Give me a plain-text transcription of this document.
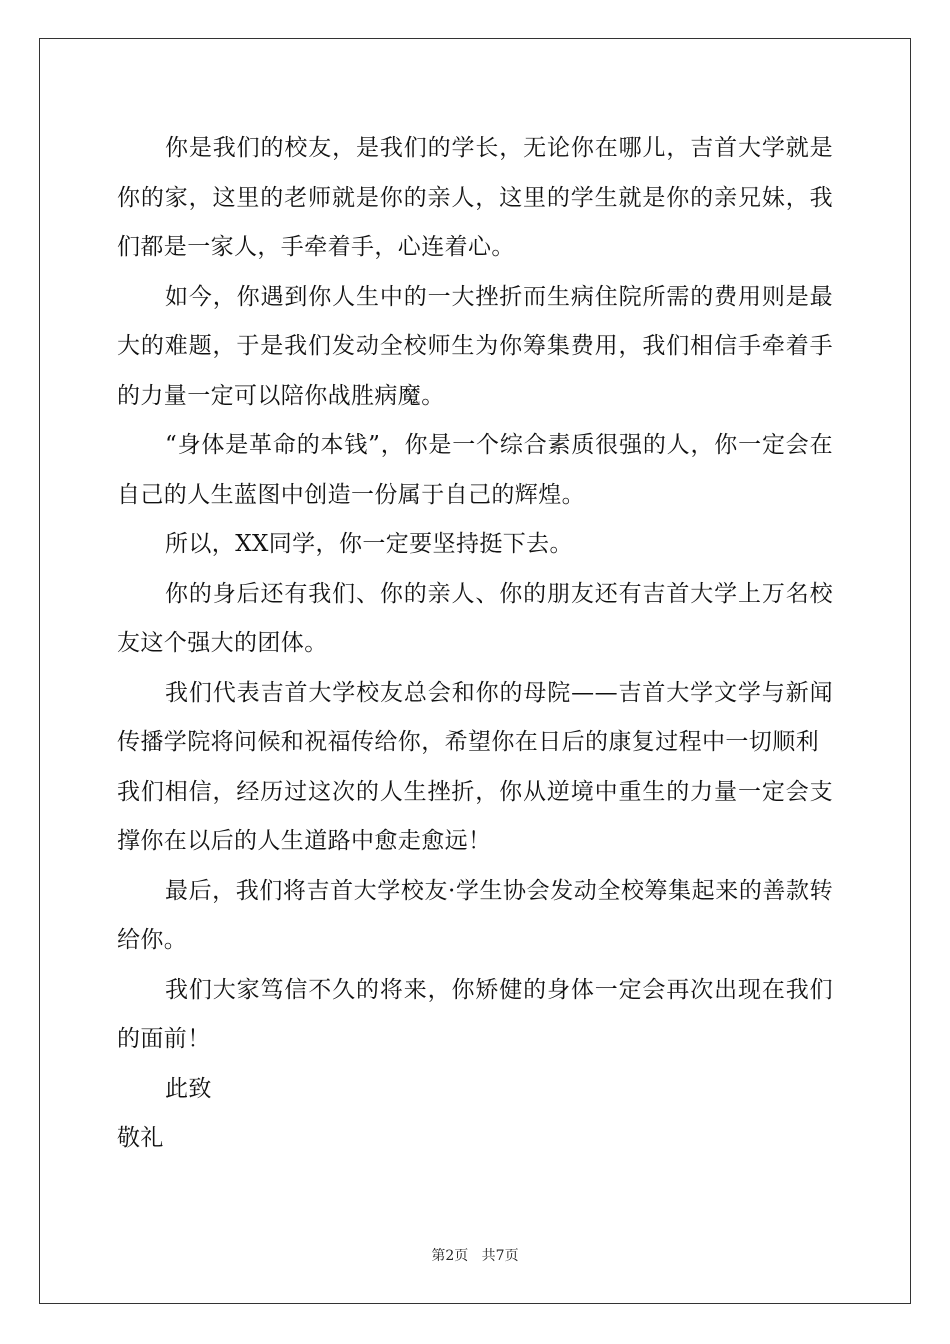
你是我们的校友，是我们的学长，无论你在哪儿，吉首大学就是你的家，这里的老师就是你的亲人，这里的学生就是你的亲兄妹，我们都是一家人，手牵着手，心连着心。

如今，你遇到你人生中的一大挫折而生病住院所需的费用则是最大的难题，于是我们发动全校师生为你筹集费用，我们相信手牵着手的力量一定可以陪你战胜病魔。

“身体是革命的本钱”，你是一个综合素质很强的人，你一定会在自己的人生蓝图中创造一份属于自己的辉煌。

所以，XX同学，你一定要坚持挺下去。

你的身后还有我们、你的亲人、你的朋友还有吉首大学上万名校友这个强大的团体。

我们代表吉首大学校友总会和你的母院——吉首大学文学与新闻传播学院将问候和祝福传给你，希望你在日后的康复过程中一切顺利

我们相信，经历过这次的人生挫折，你从逆境中重生的力量一定会支撑你在以后的人生道路中愈走愈远！

最后，我们将吉首大学校友·学生协会发动全校筹集起来的善款转给你。

我们大家笃信不久的将来，你矫健的身体一定会再次出现在我们的面前！

此致

敬礼

第2页 共7页
